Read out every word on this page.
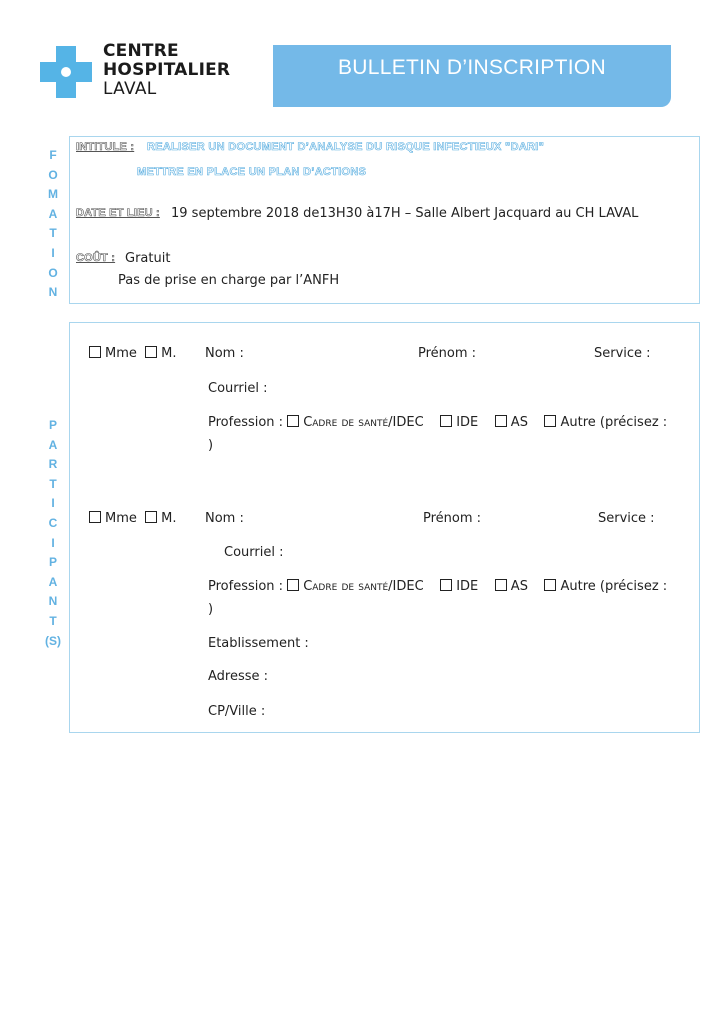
CENTRE
HOSPITALIER
LAVAL
BULLETIN D’INSCRIPTION
F
O
M
A
T
I
O
N
INTITULE : REALISER UN DOCUMENT D’ANALYSE DU RISQUE INFECTIEUX "DARI"
METTRE EN PLACE UN PLAN D’ACTIONS
DATE ET LIEU : 19 septembre 2018 de13H30 à17H – Salle Albert Jacquard au CH LAVAL
COÛT : Gratuit
Pas de prise en charge par l’ANFH
P
A
R
T
I
C
I
P
A
N
T
(S)
Mme M. Nom :	Prénom :	Service :
Courriel :
Profession : Cadre de santé/IDEC	IDE	AS	Autre (précisez :
)
Mme M. Nom :	Prénom :	Service :
Courriel :
Profession : Cadre de santé/IDEC	IDE	AS	Autre (précisez :
)
Etablissement :
Adresse :
CP/Ville :
